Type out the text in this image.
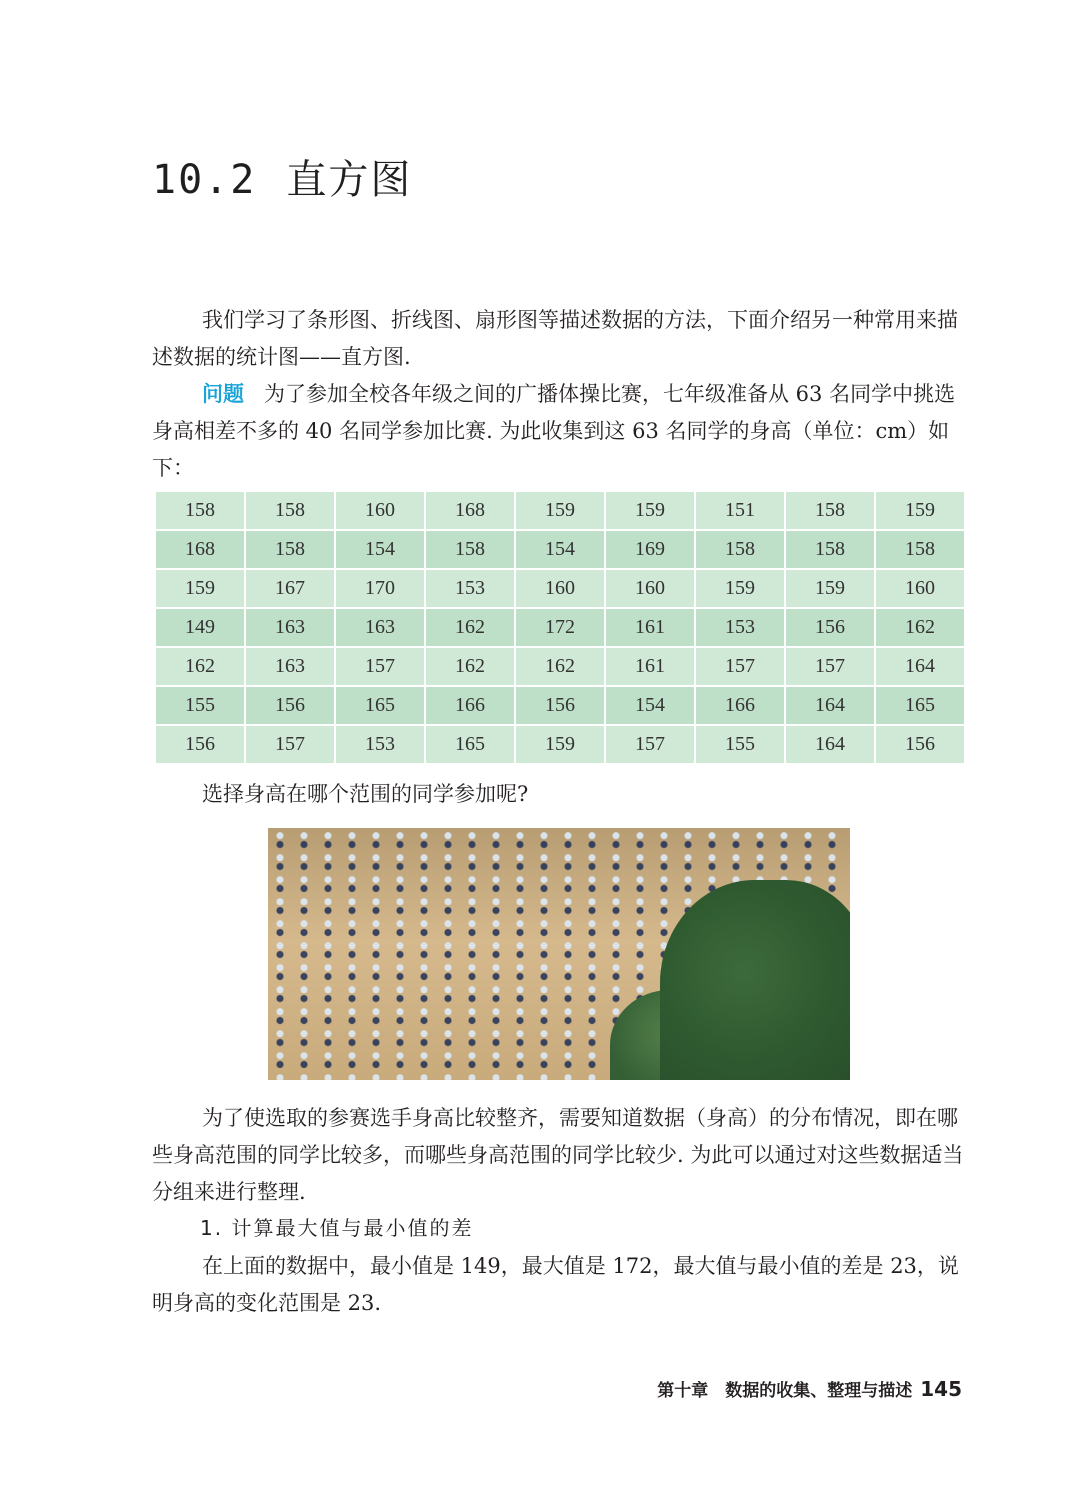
10.2 直方图

我们学习了条形图、折线图、扇形图等描述数据的方法，下面介绍另一种常用来描述数据的统计图——直方图.

问题 为了参加全校各年级之间的广播体操比赛，七年级准备从 63 名同学中挑选身高相差不多的 40 名同学参加比赛. 为此收集到这 63 名同学的身高（单位：cm）如下：

158	158	160	168	159	159	151	158	159
168	158	154	158	154	169	158	158	158
159	167	170	153	160	160	159	159	160
149	163	163	162	172	161	153	156	162
162	163	157	162	162	161	157	157	164
155	156	165	166	156	154	166	164	165
156	157	153	165	159	157	155	164	156

选择身高在哪个范围的同学参加呢?

为了使选取的参赛选手身高比较整齐，需要知道数据（身高）的分布情况，即在哪些身高范围的同学比较多，而哪些身高范围的同学比较少. 为此可以通过对这些数据适当分组来进行整理.

1. 计算最大值与最小值的差

在上面的数据中，最小值是 149，最大值是 172，最大值与最小值的差是 23，说明身高的变化范围是 23.

第十章　数据的收集、整理与描述 145
